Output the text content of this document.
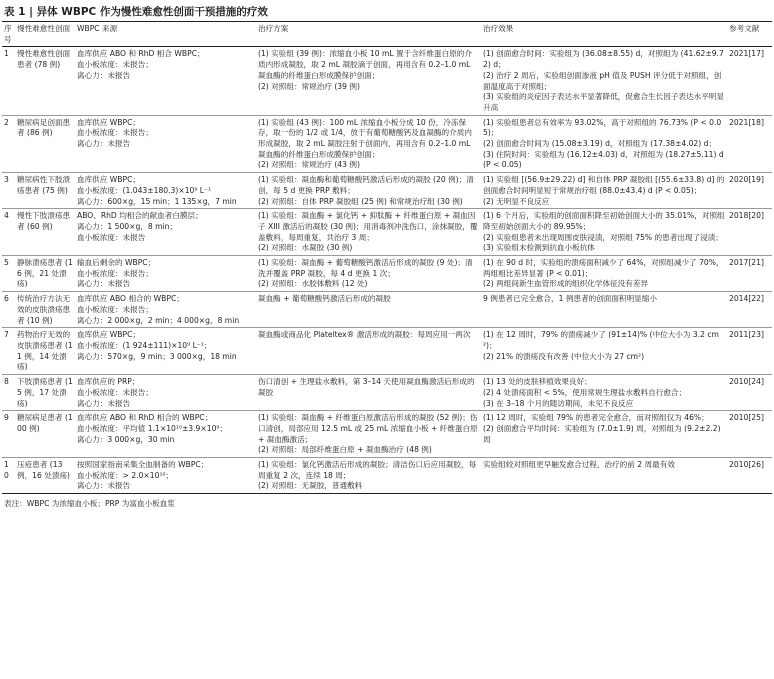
表 1 | 异体 WBPC 作为慢性难愈性创面干预措施的疗效
序号	慢性难愈性创面	WBPC 来源	治疗方案	治疗效果	参考文献
1	慢性难愈性创面患者 (78 例)	血库供应 ABO 和 RhD 相合 WBPC；
血小板浓度：未报告；
离心力：未报告	(1) 实验组 (39 例)：浓缩血小板 10 mL 置于含纤维蛋白原的介质内形成凝胶，取 2 mL 凝胶滴于创面，再用含有 0.2–1.0 mL 凝血酶的纤维蛋白形成膜保护创面；
(2) 对照组：常规治疗 (39 例)	(1) 创面愈合时间：实验组为 (36.08±8.55) d，对照组为 (41.62±9.72) d；
(2) 治疗 2 周后，实验组创面渗液 pH 值及 PUSH 评分低于对照组，创面温度高于对照组；
(3) 实验组的炎症因子表达水平显著降低，促愈合生长因子表达水平明显升高	2021[17]
2	糖尿病足创面患者 (86 例)	血库供应 WBPC；
血小板浓度：未报告；
离心力：未报告	(1) 实验组 (43 例)：100 mL 浓缩血小板分成 10 份，冷冻保存，取一份的 1/2 或 1/4，放于有葡萄糖酸钙及血凝酶的介质内形成凝胶，取 2 mL 凝胶注射于创面内，再用含有 0.2–1.0 mL 凝血酶的纤维蛋白形成膜保护创面；
(2) 对照组：常规治疗 (43 例)	(1) 实验组患者总有效率为 93.02%，高于对照组的 76.73% (P < 0.05)；
(2) 创面愈合时间为 (15.08±3.19) d，对照组为 (17.38±4.02) d；
(3) 住院时间：实验组为 (16.12±4.03) d，对照组为 (18.27±5.11) d (P < 0.05)	2021[18]
3	糖尿病性下肢溃疡患者 (75 例)	血库供应 WBPC；
血小板浓度：(1.043±180.3)×10⁹ L⁻¹
离心力：600×g，15 min；1 135×g，7 min	(1) 实验组：凝血酶和葡萄糖酸钙激活后形成的凝胶 (20 例)；清创，每 5 d 更换 PRP 敷料；
(2) 对照组：自体 PRP 凝胶组 (25 例) 和常规治疗组 (30 例)	(1) 实验组 [(56.9±29.22) d] 和自体 PRP 凝胶组 [(55.6±33.8) d] 的创面愈合时间明显短于常规治疗组 (88.0±43.4) d (P < 0.05)；
(2) 无明显不良反应	2020[19]
4	慢性下肢溃疡患者 (60 例)	ABO、RhD 均相合的献血者白膜层；
离心力：1 500×g，8 min；
血小板浓度：未报告	(1) 实验组：凝血酶 + 氯化钙 + 抑肽酶 + 纤维蛋白原 + 凝血因子 XIII 激活后的凝胶 (30 例)；用消毒剂冲洗伤口，涂抹凝胶，覆盖敷料，每周重复，共治疗 3 周；
(2) 对照组：水凝胶 (30 例)	(1) 6 个月后，实验组的创面面积降至初始创面大小的 35.01%，对照组降至初始创面大小的 89.95%；
(2) 实验组患者未出现周围皮肤浸渍，对照组 75% 的患者出现了浸渍；
(3) 实验组未检测到抗血小板抗体	2018[20]
5	静脉溃疡患者 (16 例，21 处溃疡)	输血后剩余的 WBPC；
血小板浓度：未报告；
离心力：未报告	(1) 实验组：凝血酶 + 葡萄糖酸钙激活后形成的凝胶 (9 处)；清洗并覆盖 PRP 凝胶，每 4 d 更换 1 次；
(2) 对照组：水胶体敷料 (12 处)	(1) 在 90 d 时，实验组的溃疡面积减少了 64%，对照组减少了 70%，两组相比差异显著 (P < 0.01)；
(2) 两组间新生血管形成的组织化学体征没有差异	2017[21]
6	传统治疗方法无效的皮肤溃疡患者 (10 例)	血库供应 ABO 相合的 WBPC；
血小板浓度：未报告；
离心力：2 000×g，2 min；4 000×g，8 min	凝血酶 + 葡萄糖酸钙激活后形成的凝胶	9 例患者已完全愈合，1 例患者的创面面积明显缩小	2014[22]
7	药物治疗无效的皮肤溃疡患者 (11 例，14 处溃疡)	血库供应 WBPC；
血小板浓度：(1 924±111)×10⁹ L⁻¹；
离心力：570×g，9 min；3 000×g，18 min	凝血酶或商品化 Plateltex® 激活形成的凝胶：每周应用一两次	(1) 在 12 周时，79% 的溃疡减少了 (91±14)% (中位大小为 3.2 cm²)；
(2) 21% 的溃疡没有改善 (中位大小为 27 cm²)	2011[23]
8	下肢溃疡患者 (15 例，17 处溃疡)	血库供应的 PRP；
血小板浓度：未报告；
离心力：未报告	伤口清创 + 生理盐水敷料，第 3–14 天使用凝血酶激活后形成的凝胶	(1) 13 处的皮肤移植效果良好；
(2) 4 处溃疡面积 < 5%，使用常规生理盐水敷料自行愈合；
(3) 在 3–18 个月的随访期间，未见不良反应	2010[24]
9	糖尿病足患者 (100 例)	血库供应 ABO 和 RhD 相合的 WBPC；
血小板浓度：平均值 1.1×10¹⁰±3.9×10⁹；
离心力：3 000×g，30 min	(1) 实验组：凝血酶 + 纤维蛋白原激活后形成的凝胶 (52 例)；伤口清创，局部应用 12.5 mL 或 25 mL 浓缩血小板 + 纤维蛋白原 + 凝血酶激活；
(2) 对照组：局部纤维蛋白原 + 凝血酶治疗 (48 例)	(1) 12 周时，实验组 79% 的患者完全愈合，而对照组仅为 46%；
(2) 创面愈合平均时间：实验组为 (7.0±1.9) 周，对照组为 (9.2±2.2) 周	2010[25]
10	压疮患者 (13 例，16 处溃疡)	按照国家指南采集全血制备的 WBPC；
血小板浓度：> 2.0×10¹⁰；
离心力：未报告	(1) 实验组：氯化钙激活后形成的凝胶；清洁伤口后应用凝胶，每周重复 2 次，连续 18 周；
(2) 对照组：无凝胶，普通敷料	实验组较对照组更早触发愈合过程，治疗的前 2 周最有效	2010[26]
表注：WBPC 为浓缩血小板；PRP 为富血小板血浆
